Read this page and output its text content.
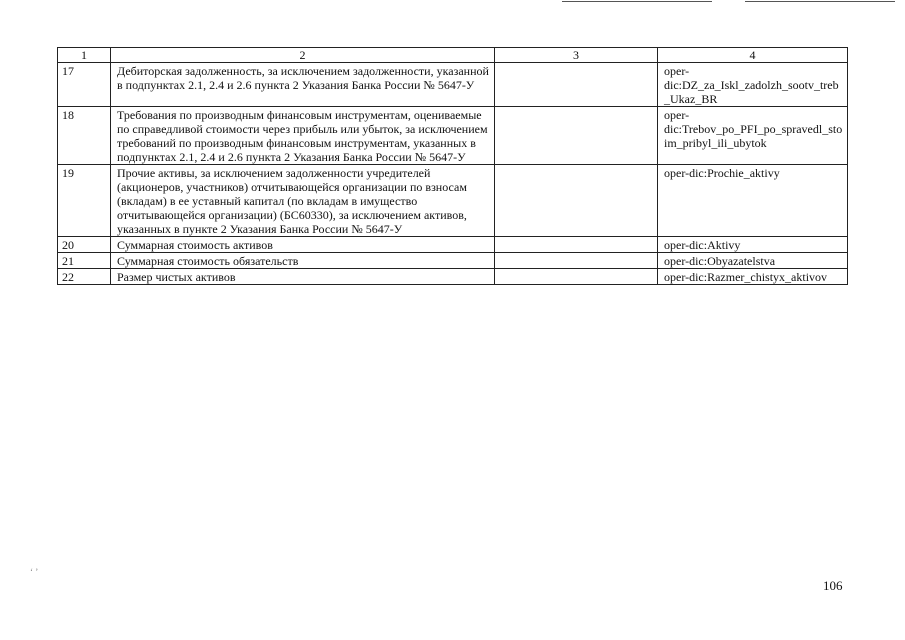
1	2	3	4
17	Дебиторская задолженность, за исключением задолженности, указанной в подпунктах 2.1, 2.4 и 2.6 пункта 2 Указания Банка России № 5647-У		oper-dic:DZ_za_Iskl_zadolzh_sootv_treb_Ukaz_BR
18	Требования по производным финансовым инструментам, оцениваемые по справедливой стоимости через прибыль или убыток, за исключением требований по производным финансовым инструментам, указанных в подпунктах 2.1, 2.4 и 2.6 пункта 2 Указания Банка России № 5647-У		oper-dic:Trebov_po_PFI_po_spravedl_stoim_pribyl_ili_ubytok
19	Прочие активы, за исключением задолженности учредителей (акционеров, участников) отчитывающейся организации по взносам (вкладам) в ее уставный капитал (по вкладам в имущество отчитывающейся организации) (БС60330), за исключением активов, указанных в пункте 2 Указания Банка России № 5647-У		oper-dic:Prochie_aktivy
20	Суммарная стоимость активов		oper-dic:Aktivy
21	Суммарная стоимость обязательств		oper-dic:Obyazatelstva
22	Размер чистых активов		oper-dic:Razmer_chistyx_aktivov
‘ ’
106
